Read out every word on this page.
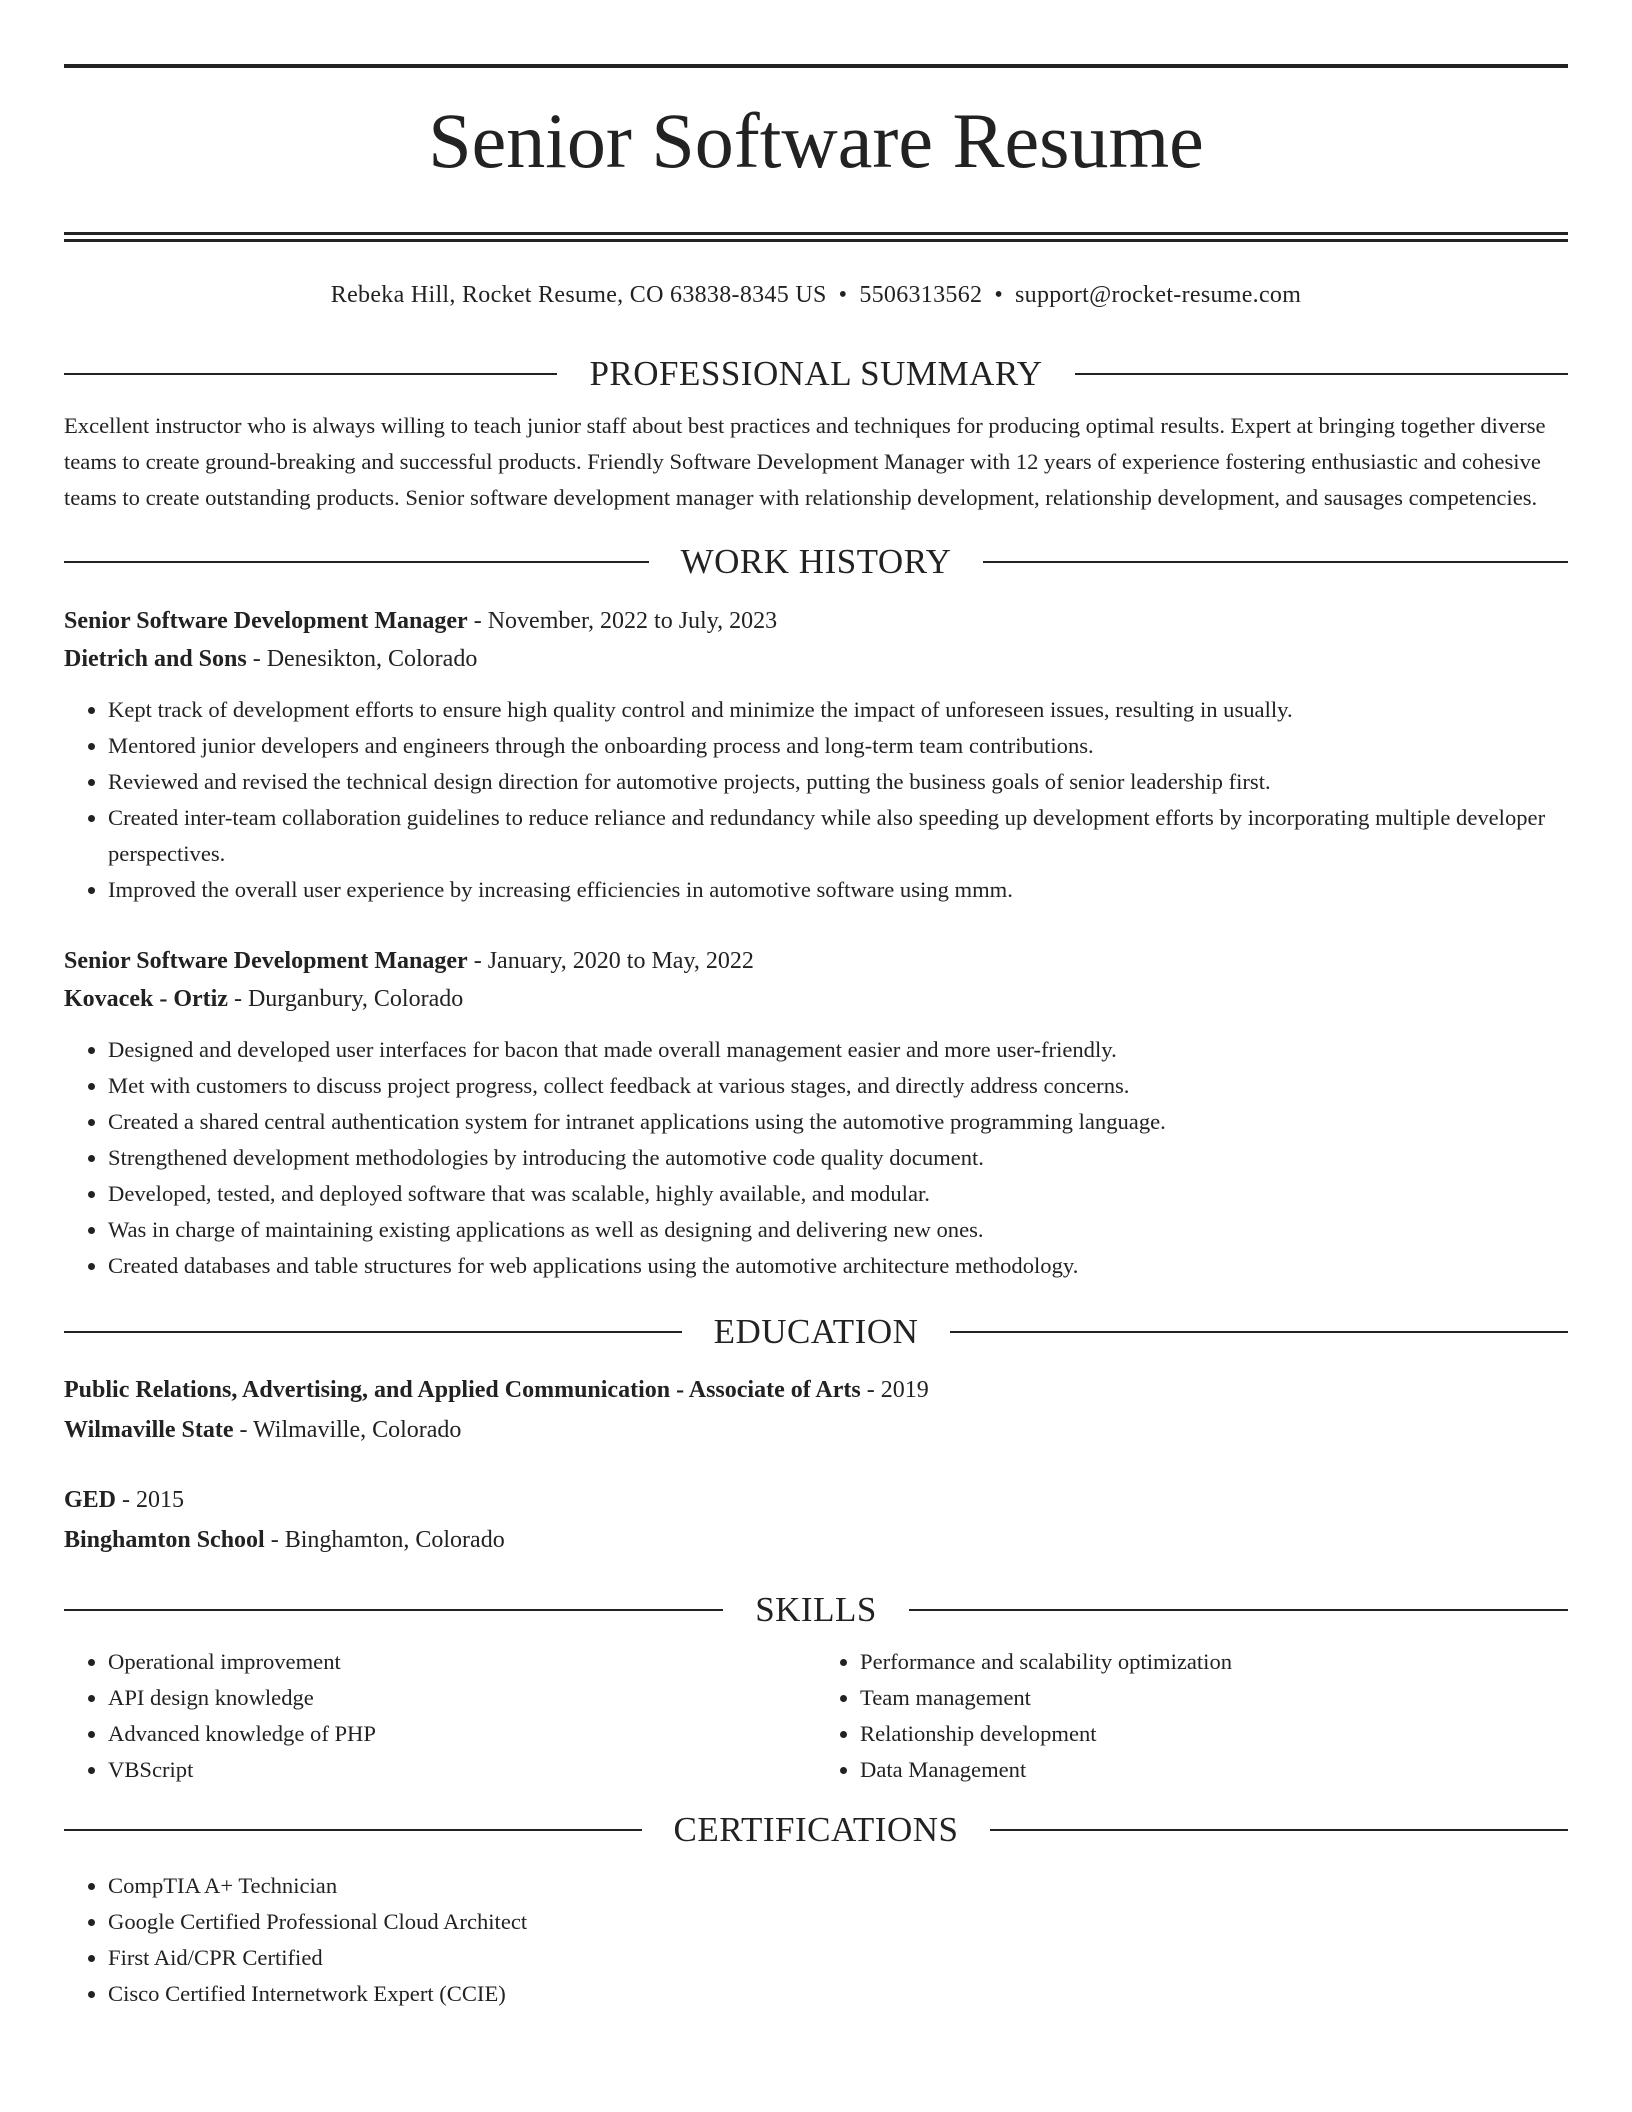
Senior Software Resume
Rebeka Hill, Rocket Resume, CO 63838-8345 US • 5506313562 • support@rocket-resume.com
PROFESSIONAL SUMMARY
Excellent instructor who is always willing to teach junior staff about best practices and techniques for producing optimal results. Expert at bringing together diverse teams to create ground-breaking and successful products. Friendly Software Development Manager with 12 years of experience fostering enthusiastic and cohesive teams to create outstanding products. Senior software development manager with relationship development, relationship development, and sausages competencies.
WORK HISTORY
Senior Software Development Manager - November, 2022 to July, 2023
Dietrich and Sons - Denesikton, Colorado
• Kept track of development efforts to ensure high quality control and minimize the impact of unforeseen issues, resulting in usually.
• Mentored junior developers and engineers through the onboarding process and long-term team contributions.
• Reviewed and revised the technical design direction for automotive projects, putting the business goals of senior leadership first.
• Created inter-team collaboration guidelines to reduce reliance and redundancy while also speeding up development efforts by incorporating multiple developer perspectives.
• Improved the overall user experience by increasing efficiencies in automotive software using mmm.
Senior Software Development Manager - January, 2020 to May, 2022
Kovacek - Ortiz - Durganbury, Colorado
• Designed and developed user interfaces for bacon that made overall management easier and more user-friendly.
• Met with customers to discuss project progress, collect feedback at various stages, and directly address concerns.
• Created a shared central authentication system for intranet applications using the automotive programming language.
• Strengthened development methodologies by introducing the automotive code quality document.
• Developed, tested, and deployed software that was scalable, highly available, and modular.
• Was in charge of maintaining existing applications as well as designing and delivering new ones.
• Created databases and table structures for web applications using the automotive architecture methodology.
EDUCATION
Public Relations, Advertising, and Applied Communication - Associate of Arts - 2019
Wilmaville State - Wilmaville, Colorado
GED - 2015
Binghamton School - Binghamton, Colorado
SKILLS
• Operational improvement
• API design knowledge
• Advanced knowledge of PHP
• VBScript
• Performance and scalability optimization
• Team management
• Relationship development
• Data Management
CERTIFICATIONS
• CompTIA A+ Technician
• Google Certified Professional Cloud Architect
• First Aid/CPR Certified
• Cisco Certified Internetwork Expert (CCIE)
